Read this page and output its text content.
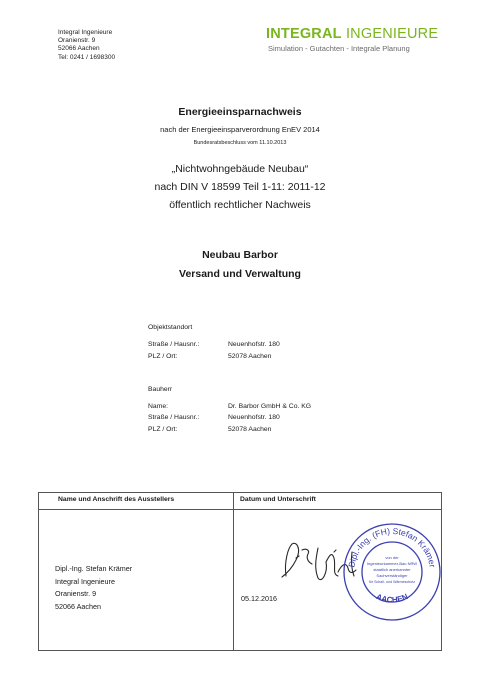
Integral Ingenieure
Oranienstr. 9
52066 Aachen
Tel: 0241 / 1698300
INTEGRAL INGENIEURE
Simulation - Gutachten - Integrale Planung
Energieeinsparnachweis
nach der Energieeinsparverordnung EnEV 2014
Bundesratsbeschluss vom 11.10.2013
„Nichtwohngebäude Neubau“
nach DIN V 18599 Teil 1-11: 2011-12
öffentlich rechtlicher Nachweis
Neubau Barbor
Versand und Verwaltung
Objektstandort
Straße / Hausnr.:	Neuenhofstr. 180
PLZ / Ort:	52078 Aachen
Bauherr
Name:	Dr. Barbor GmbH & Co. KG
Straße / Hausnr.:	Neuenhofstr. 180
PLZ / Ort:	52078 Aachen
Name und Anschrift des Ausstellers	Datum und Unterschrift
Dipl.-Ing. Stefan Krämer
Integral Ingenieure
Oranienstr. 9
52066 Aachen
05.12.2016
Dipl.-Ing. (FH) Stefan Krämer
AACHEN
von der
Ingenieurkammer-Bau NRW
staatlich anerkannter
Sachverständiger
für Schall- und Wärmeschutz
